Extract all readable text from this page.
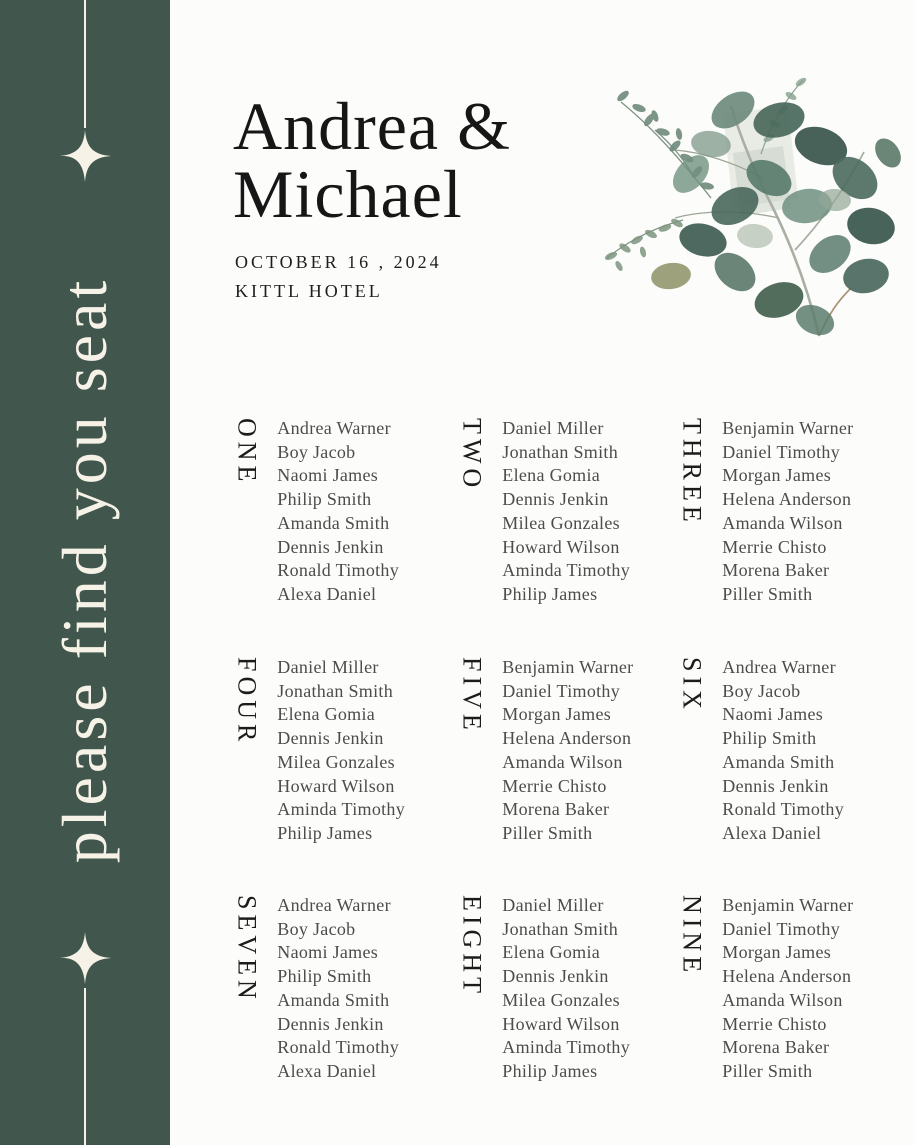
please find you seat
Andrea &
Michael
OCTOBER 16 , 2024
KITTL HOTEL
ONE Andrea Warner
Boy Jacob
Naomi James
Philip Smith
Amanda Smith
Dennis Jenkin
Ronald Timothy
Alexa Daniel
TWO Daniel Miller
Jonathan Smith
Elena Gomia
Dennis Jenkin
Milea Gonzales
Howard Wilson
Aminda Timothy
Philip James
THREE Benjamin Warner
Daniel Timothy
Morgan James
Helena Anderson
Amanda Wilson
Merrie Chisto
Morena Baker
Piller Smith
FOUR Daniel Miller
Jonathan Smith
Elena Gomia
Dennis Jenkin
Milea Gonzales
Howard Wilson
Aminda Timothy
Philip James
FIVE Benjamin Warner
Daniel Timothy
Morgan James
Helena Anderson
Amanda Wilson
Merrie Chisto
Morena Baker
Piller Smith
SIX Andrea Warner
Boy Jacob
Naomi James
Philip Smith
Amanda Smith
Dennis Jenkin
Ronald Timothy
Alexa Daniel
SEVEN Andrea Warner
Boy Jacob
Naomi James
Philip Smith
Amanda Smith
Dennis Jenkin
Ronald Timothy
Alexa Daniel
EIGHT Daniel Miller
Jonathan Smith
Elena Gomia
Dennis Jenkin
Milea Gonzales
Howard Wilson
Aminda Timothy
Philip James
NINE Benjamin Warner
Daniel Timothy
Morgan James
Helena Anderson
Amanda Wilson
Merrie Chisto
Morena Baker
Piller Smith
